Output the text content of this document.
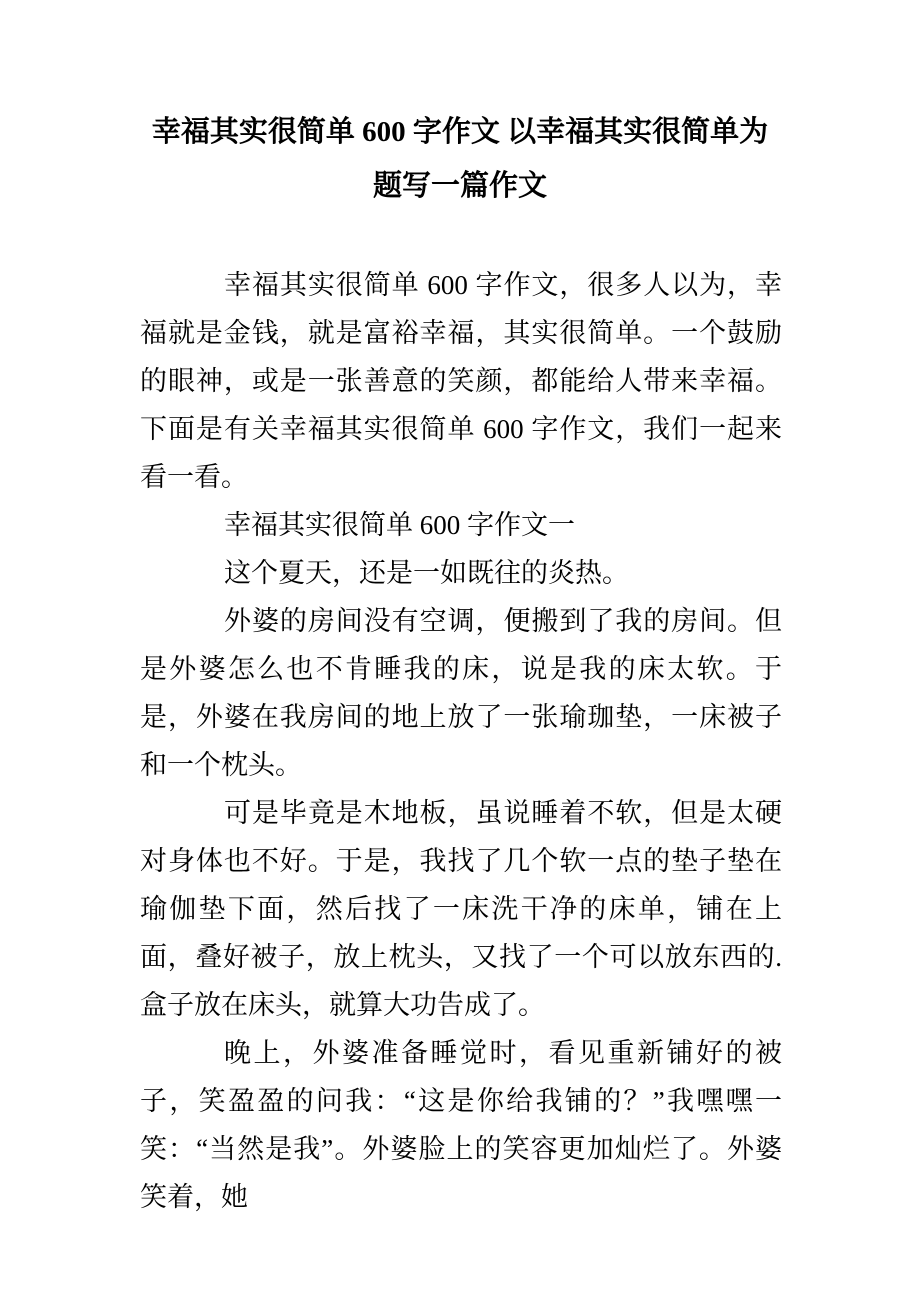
幸福其实很简单 600 字作文 以幸福其实很简单为
题写一篇作文

幸福其实很简单 600 字作文，很多人以为，幸福就是金钱，就是富裕幸福，其实很简单。一个鼓励的眼神，或是一张善意的笑颜，都能给人带来幸福。下面是有关幸福其实很简单 600 字作文，我们一起来看一看。

幸福其实很简单 600 字作文一

这个夏天，还是一如既往的炎热。

外婆的房间没有空调，便搬到了我的房间。但是外婆怎么也不肯睡我的床，说是我的床太软。于是，外婆在我房间的地上放了一张瑜珈垫，一床被子和一个枕头。

可是毕竟是木地板，虽说睡着不软，但是太硬对身体也不好。于是，我找了几个软一点的垫子垫在瑜伽垫下面，然后找了一床洗干净的床单，铺在上面，叠好被子，放上枕头，又找了一个可以放东西的.盒子放在床头，就算大功告成了。

晚上，外婆准备睡觉时，看见重新铺好的被子，笑盈盈的问我：“这是你给我铺的？”我嘿嘿一笑：“当然是我”。外婆脸上的笑容更加灿烂了。外婆笑着，她
